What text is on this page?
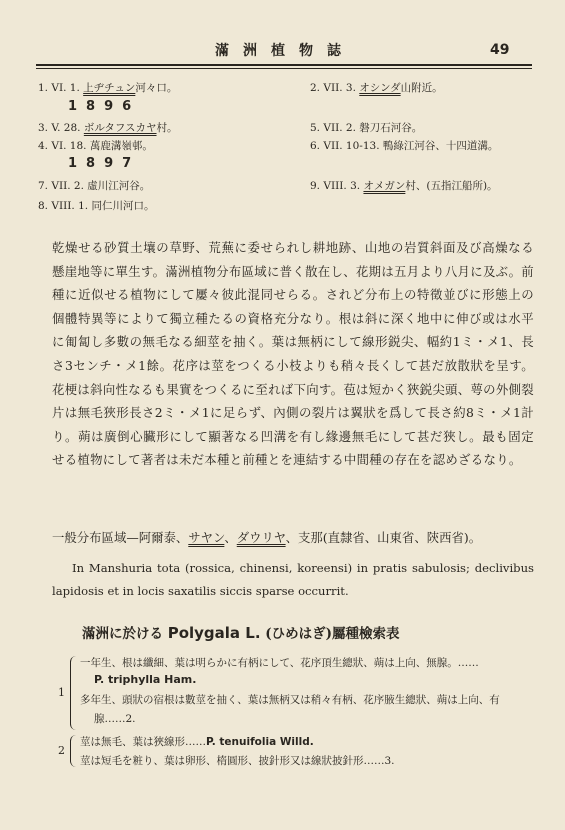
滿洲植物誌	49
1. VI. 1. 上ヂチュン河々口。	2. VII. 3. オシンダ山附近。
1896
3. V. 28. ボルタフスカヤ村。	5. VII. 2. 磐刀石河谷。
4. VI. 18. 萬鹿溝嶺邨。	6. VII. 10-13. 鴨綠江河谷、十四道溝。
1897
7. VII. 2. 虛川江河谷。	9. VIII. 3. オメガン村、(五指江船所)。
8. VIII. 1. 同仁川河口。

乾燥せる砂質土壤の草野、荒蕪に委せられし耕地跡、山地の岩質斜面及び高燥なる懸崖地等に單生す。滿洲植物分布區域に普く散在し、花期は五月より八月に及ぶ。前種に近似せる植物にして屢々彼此混同せらる。されど分布上の特徵並びに形態上の個體特異等によりて獨立種たるの資格充分なり。根は斜に深く地中に伸び或は水平に匍匐し多數の無毛なる細莖を抽く。葉は無柄にして線形鋭尖、幅約1ミ・メ1、長さ3センチ・メ1餘。花序は莖をつくる小枝よりも稍々長くして甚だ放散狀を呈す。花梗は斜向性なるも果實をつくるに至れば下向す。苞は短かく狹鋭尖頭、萼の外側裂片は無毛狹形長さ2ミ・メ1に足らず、內側の裂片は翼狀を爲して長さ約8ミ・メ1計り。蒴は廣倒心臟形にして顯著なる凹溝を有し緣邊無毛にして甚だ狹し。最も固定せる植物にして著者は未だ本種と前種とを連結する中間種の存在を認めざるなり。

一般分布區域—阿爾泰、サヤン、ダウリヤ、支那(直隸省、山東省、陝西省)。

In Manshuria tota (rossica, chinensi, koreensi) in pratis sabulosis; declivibus lapidosis et in locis saxatilis siccis sparse occurrit.

滿洲に於ける Polygala L. (ひめはぎ)屬種檢索表
1
一年生、根は纖細、葉は明らかに有柄にして、花序頂生總狀、蒴は上向、無腺。……
P. triphylla Ham.
多年生、頭狀の宿根は數莖を抽く、葉は無柄又は稍々有柄、花序腋生總狀、蒴は上向、有
腺……2.
2
莖は無毛、葉は狹線形……P. tenuifolia Willd.
莖は短毛を粧り、葉は卵形、楕圓形、披針形又は線狀披針形……3.
